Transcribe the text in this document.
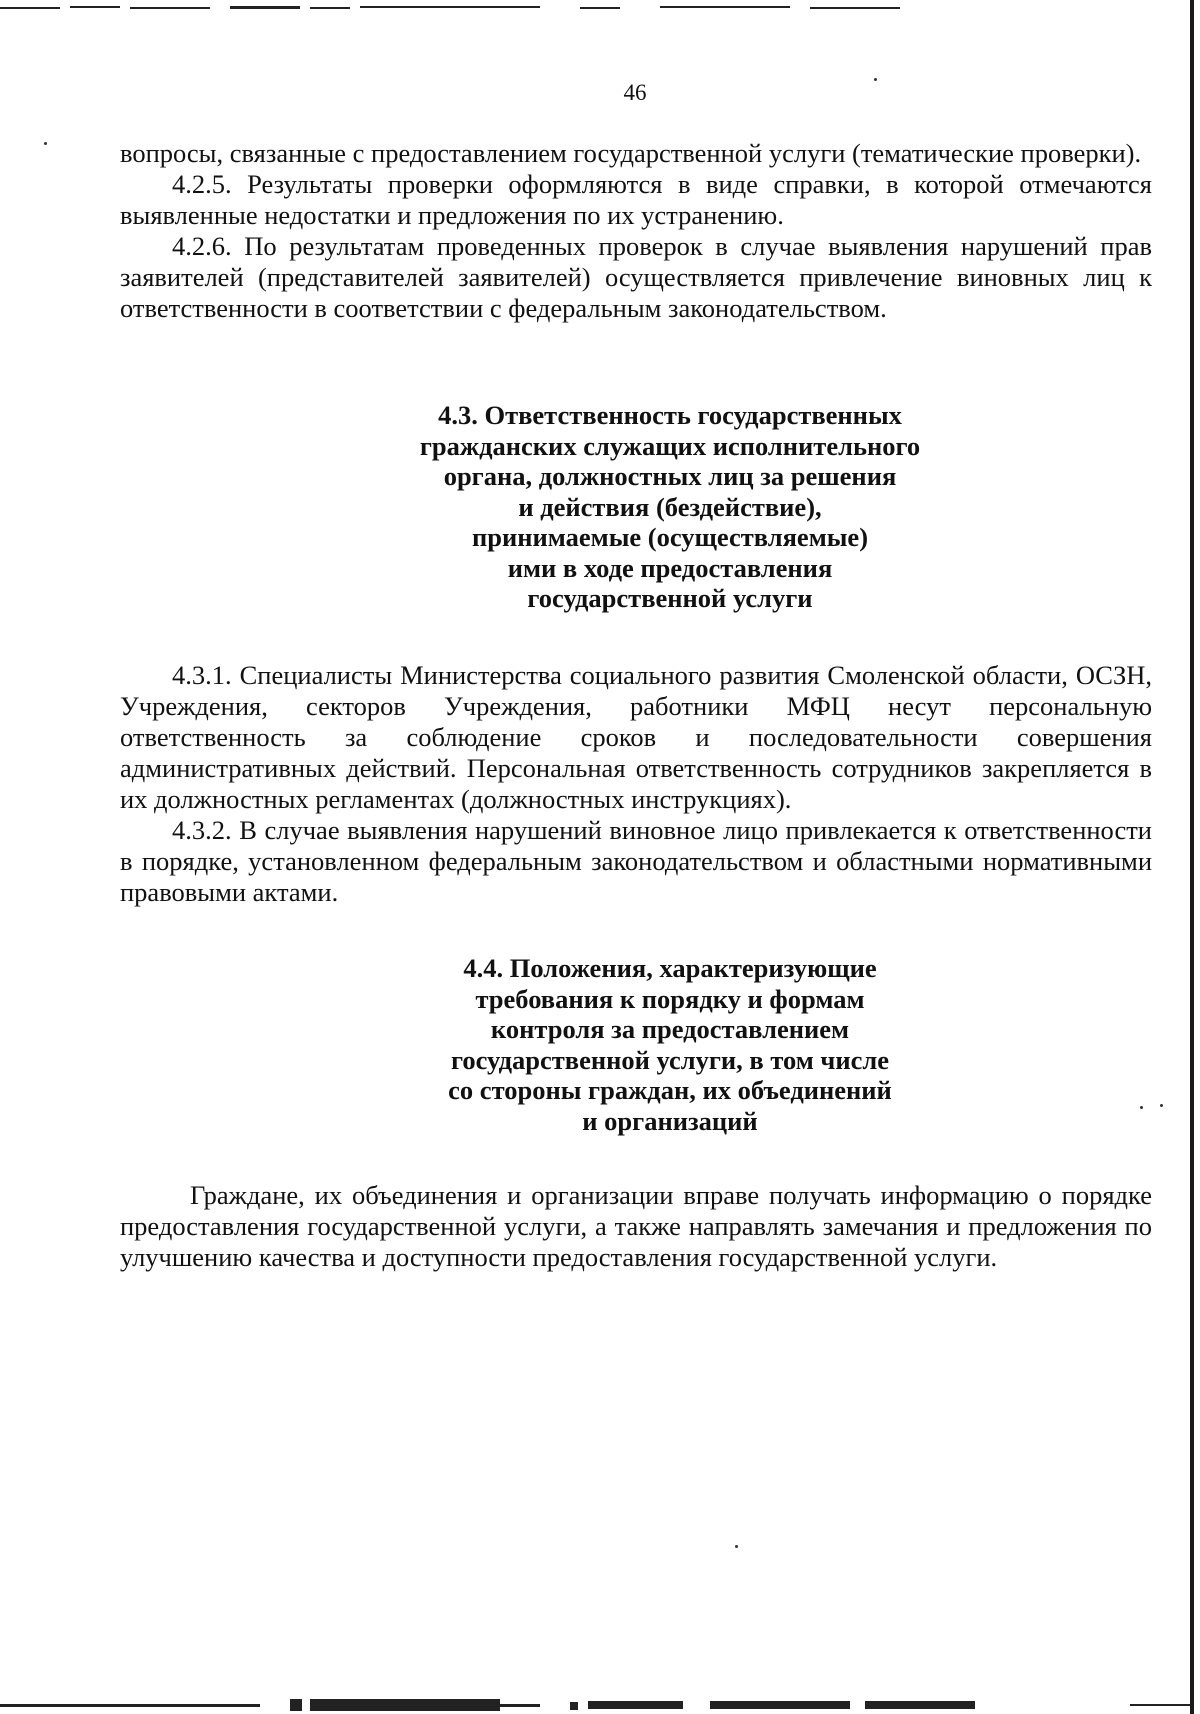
46

вопросы, связанные с предоставлением государственной услуги (тематические проверки).

4.2.5. Результаты проверки оформляются в виде справки, в которой отмечаются выявленные недостатки и предложения по их устранению.

4.2.6. По результатам проведенных проверок в случае выявления нарушений прав заявителей (представителей заявителей) осуществляется привлечение виновных лиц к ответственности в соответствии с федеральным законодательством.

4.3. Ответственность государственных
гражданских служащих исполнительного
органа, должностных лиц за решения
и действия (бездействие),
принимаемые (осуществляемые)
ими в ходе предоставления
государственной услуги

4.3.1. Специалисты Министерства социального развития Смоленской области, ОСЗН, Учреждения, секторов Учреждения, работники МФЦ несут персональную ответственность за соблюдение сроков и последовательности совершения административных действий. Персональная ответственность сотрудников закрепляется в их должностных регламентах (должностных инструкциях).

4.3.2. В случае выявления нарушений виновное лицо привлекается к ответственности в порядке, установленном федеральным законодательством и областными нормативными правовыми актами.

4.4. Положения, характеризующие
требования к порядку и формам
контроля за предоставлением
государственной услуги, в том числе
со стороны граждан, их объединений
и организаций

Граждане, их объединения и организации вправе получать информацию о порядке предоставления государственной услуги, а также направлять замечания и предложения по улучшению качества и доступности предоставления государственной услуги.
